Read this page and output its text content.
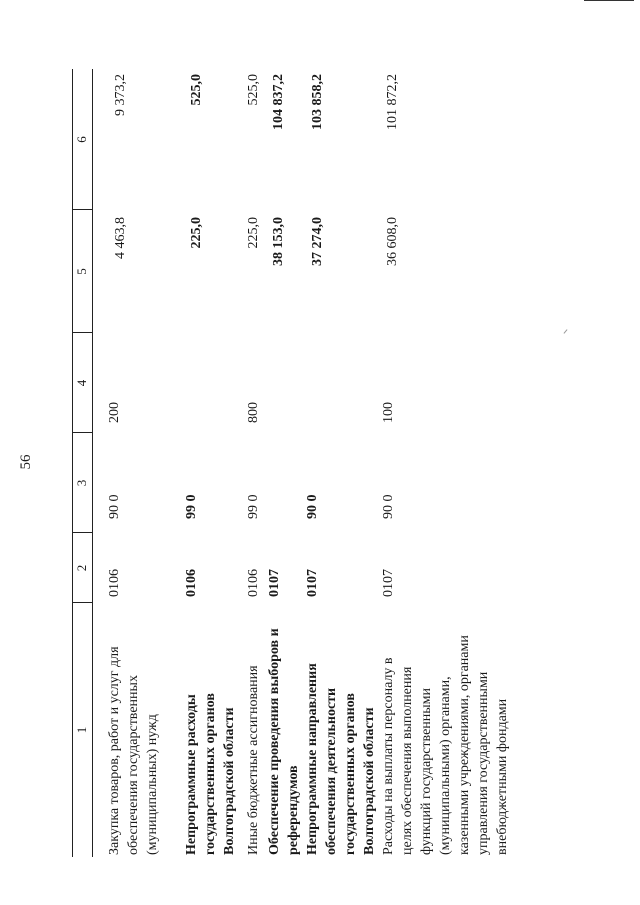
56
1
2
3
4
5
6
Закупка товаров, работ и услуг для обеспечения государственных (муниципальных) нужд
0106
90 0
200
4 463,8
9 373,2
Непрограммные расходы государственных органов Волгоградской области
0106
99 0
225,0
525,0
Иные бюджетные ассигнования
0106
99 0
800
225,0
525,0
Обеспечение проведения выборов и референдумов
0107
38 153,0
104 837,2
Непрограммные направления обеспечения деятельности государственных органов Волгоградской области
0107
90 0
37 274,0
103 858,2
Расходы на выплаты персоналу в целях обеспечения выполнения функций государственными (муниципальными) органами, казенными учреждениями, органами управления государственными внебюджетными фондами
0107
90 0
100
36 608,0
101 872,2
